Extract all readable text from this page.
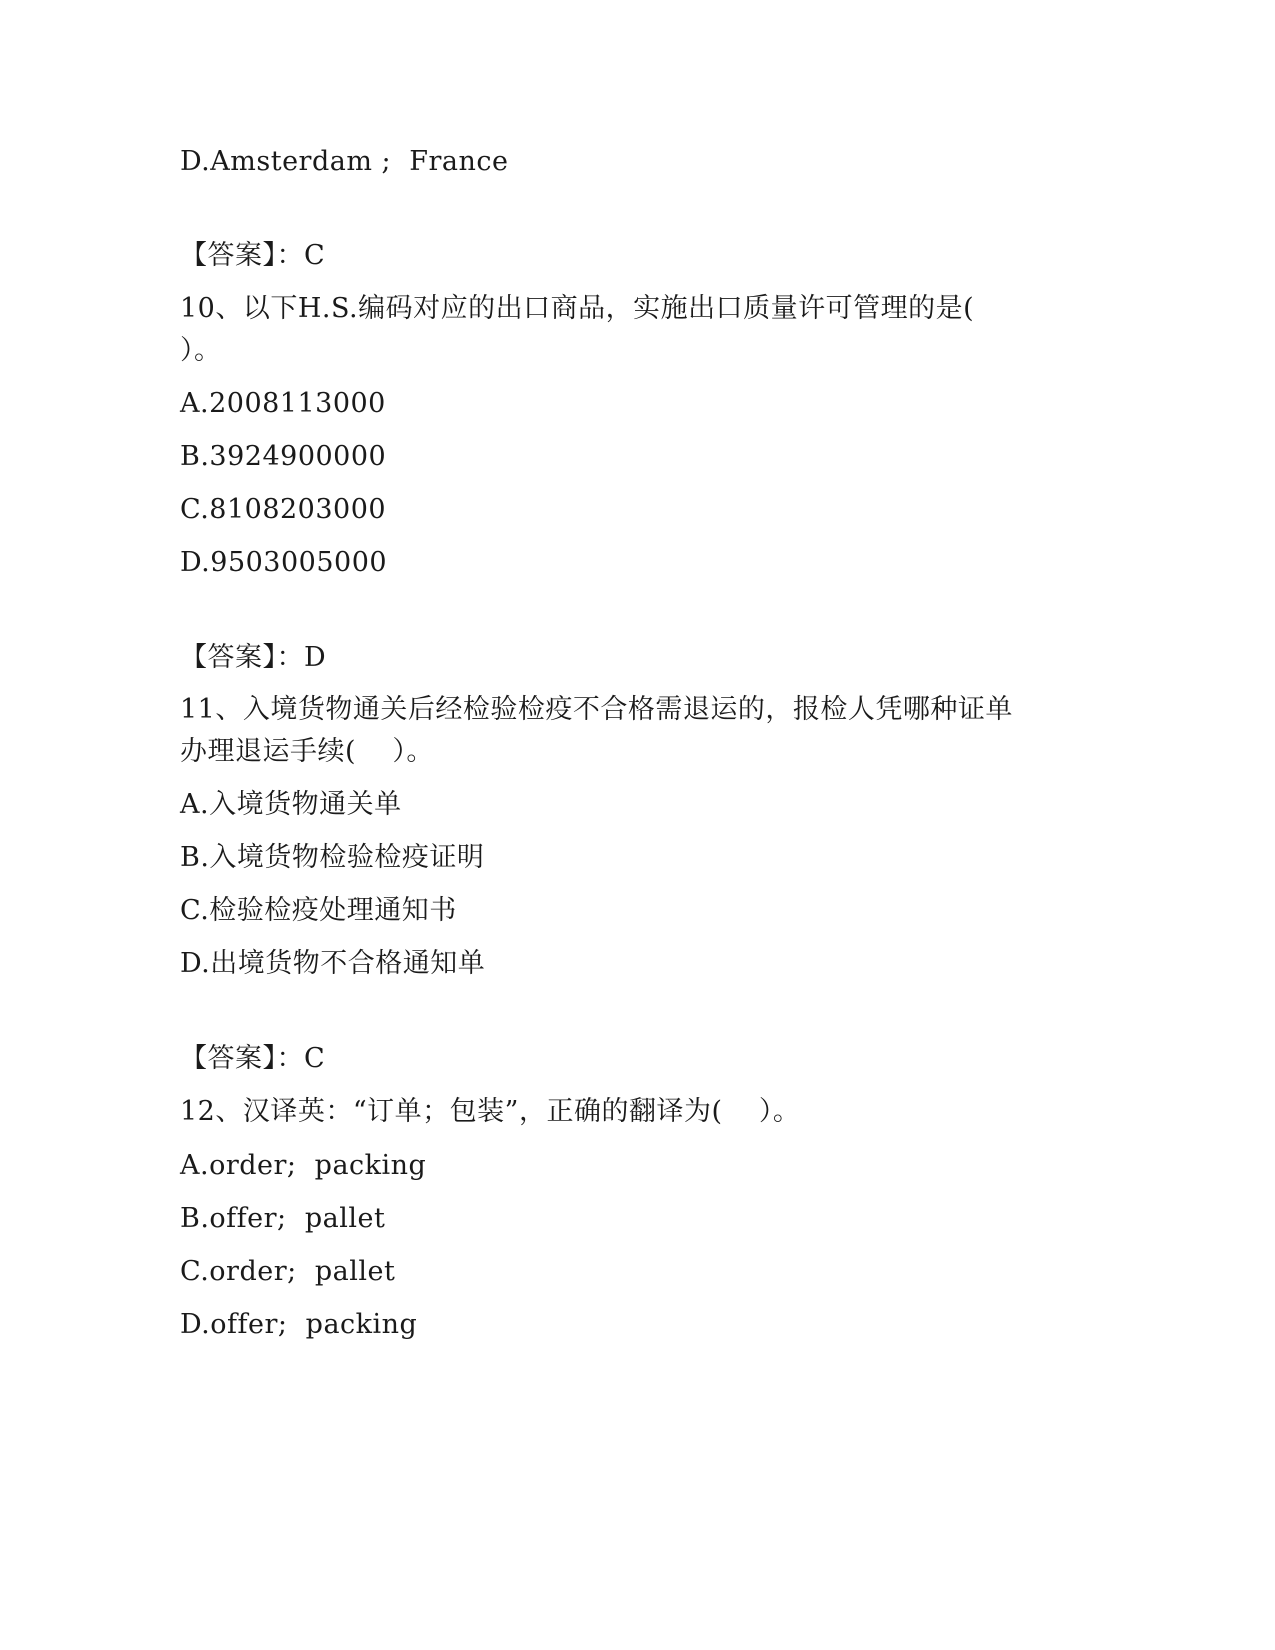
D.Amsterdam ;  France
【答案】：C
10、以下H.S.编码对应的出口商品，实施出口质量许可管理的是(
）。
A.2008113000
B.3924900000
C.8108203000
D.9503005000
【答案】：D
11、入境货物通关后经检验检疫不合格需退运的，报检人凭哪种证单
办理退运手续(    ）。
A.入境货物通关单
B.入境货物检验检疫证明
C.检验检疫处理通知书
D.出境货物不合格通知单
【答案】：C
12、汉译英：“订单；包装”，正确的翻译为(    ）。
A.order;  packing
B.offer;  pallet
C.order;  pallet
D.offer;  packing
